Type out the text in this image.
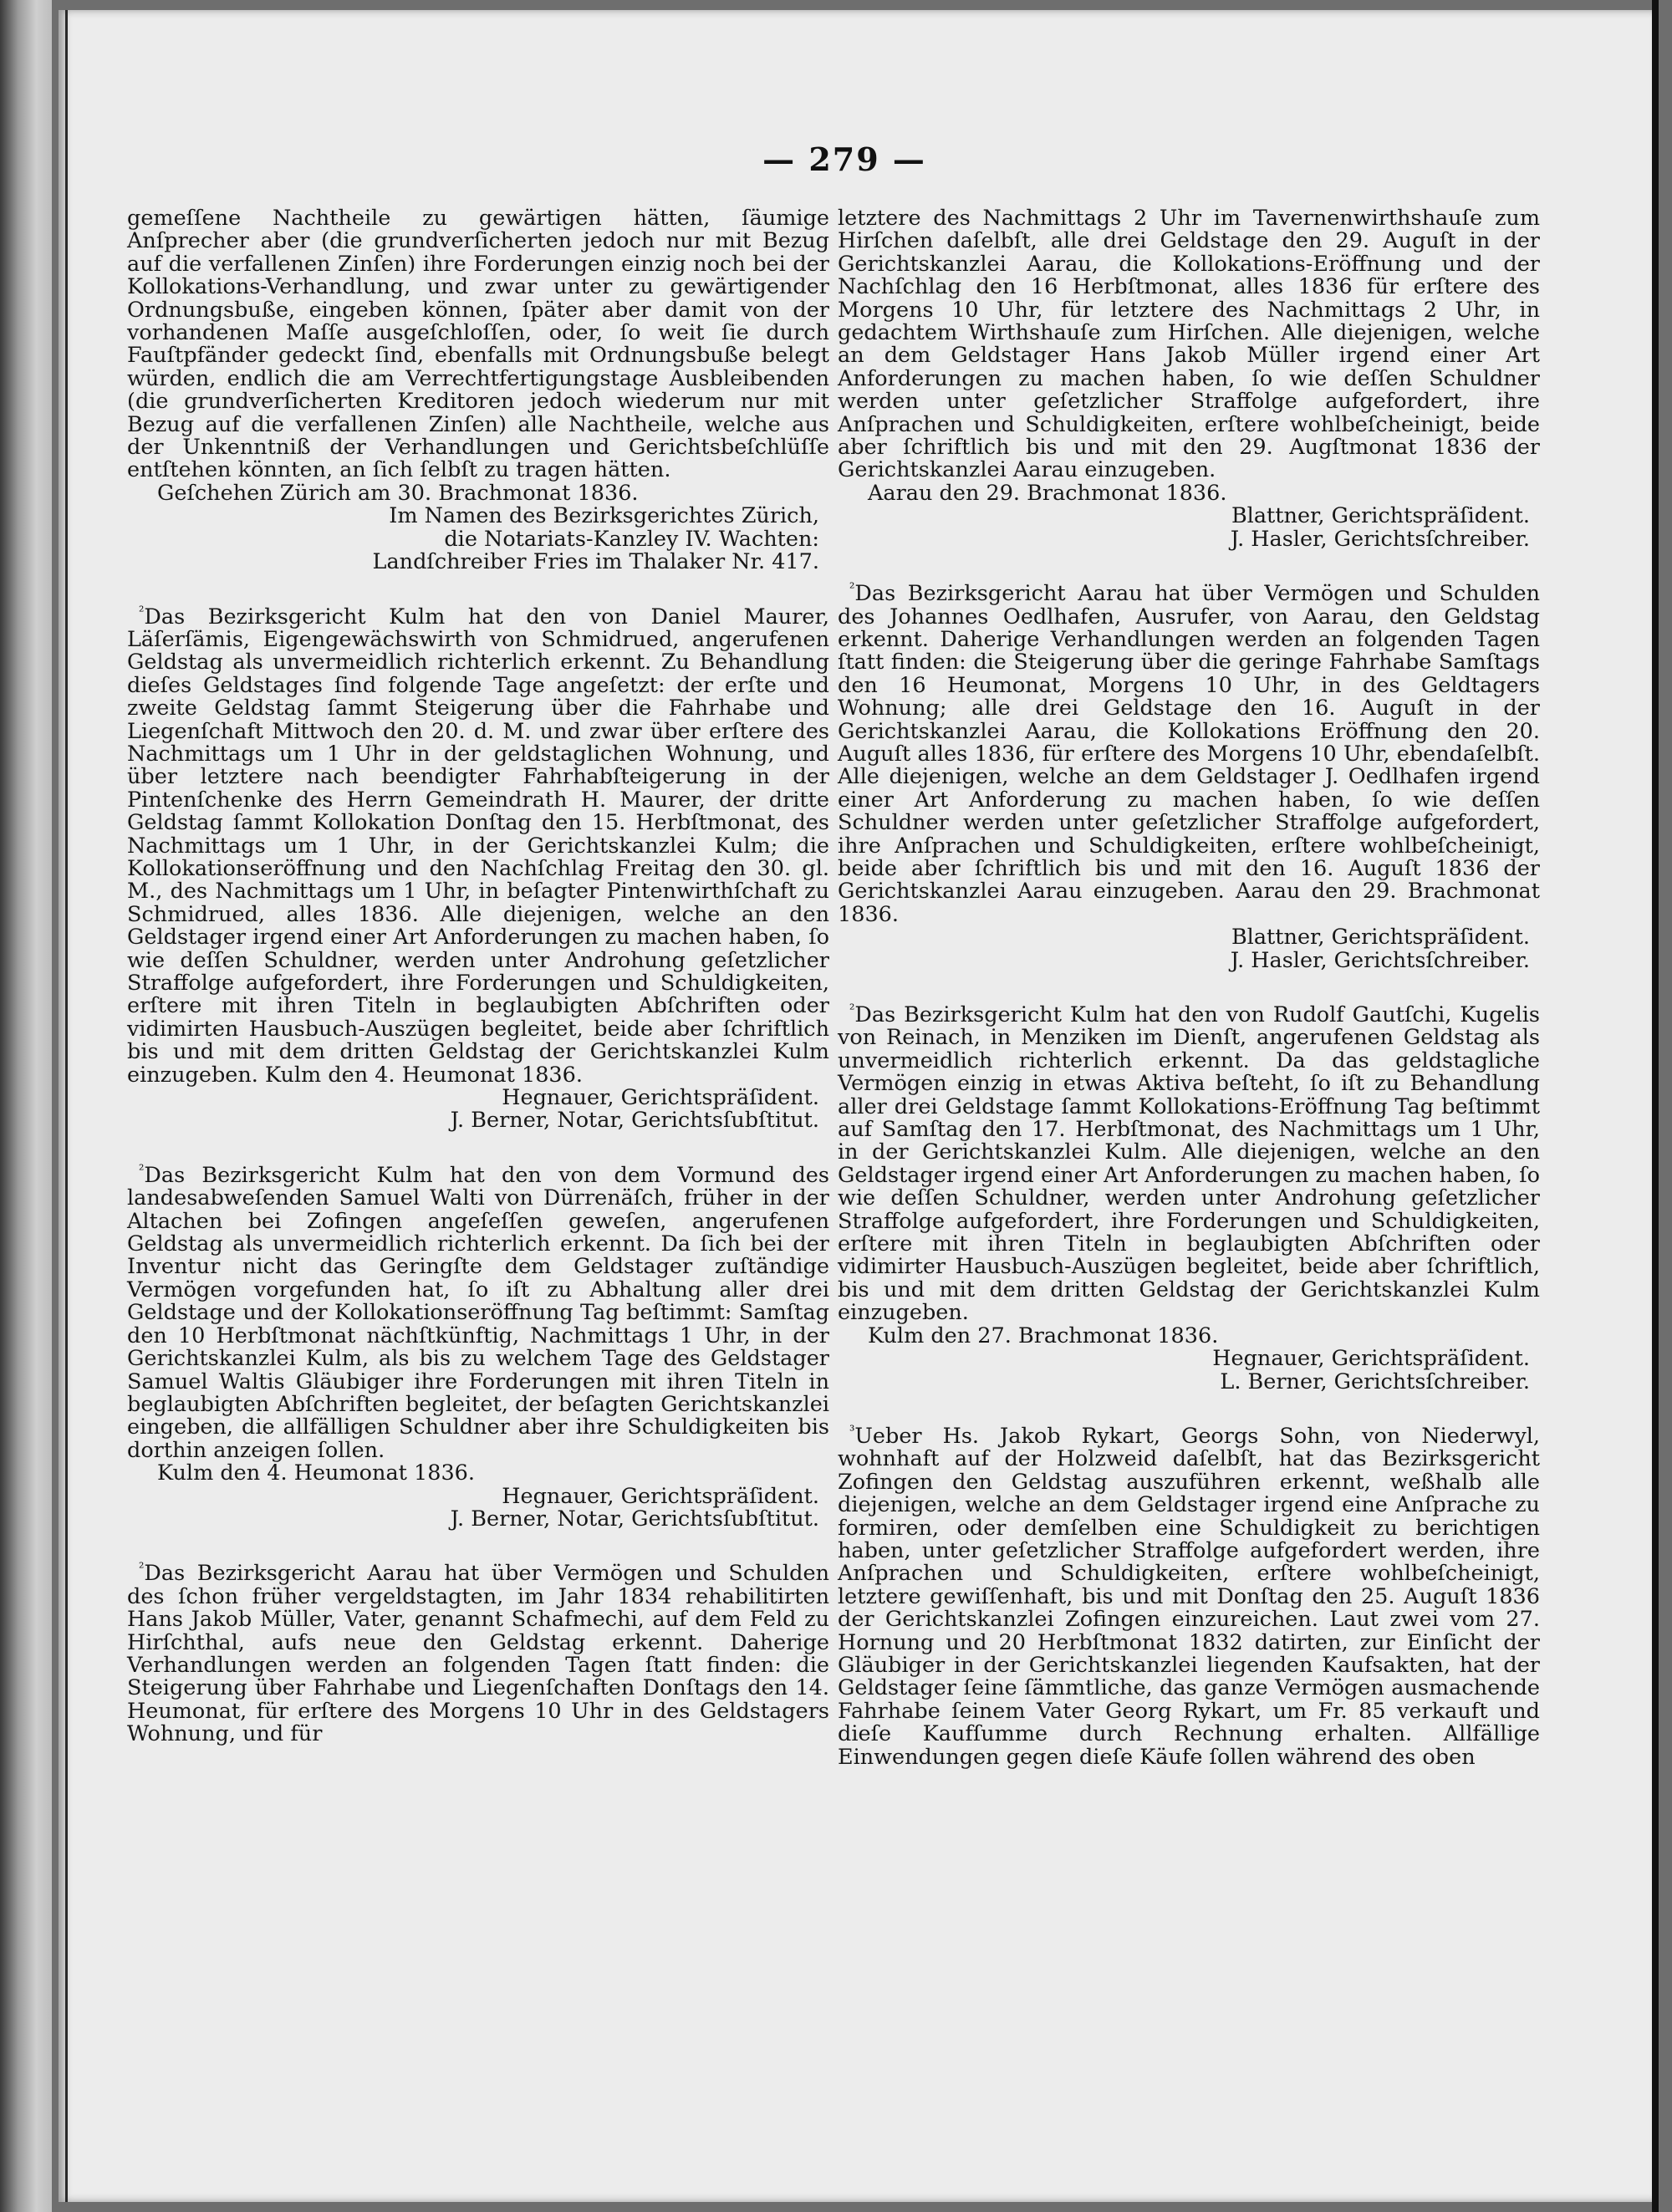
— 279 —

gemeſſene Nachtheile zu gewärtigen hätten, ſäumige Anſprecher aber (die grundverſicherten jedoch nur mit Bezug auf die verfallenen Zinſen) ihre Forderungen einzig noch bei der Kollokations-Verhandlung, und zwar unter zu gewärtigender Ordnungsbuße, eingeben können, ſpäter aber damit von der vorhandenen Maſſe ausgeſchloſſen, oder, ſo weit ſie durch Fauſtpfänder gedeckt ſind, ebenfalls mit Ordnungsbuße belegt würden, endlich die am Verrechtfertigungstage Ausbleibenden (die grundverſicherten Kreditoren jedoch wiederum nur mit Bezug auf die verfallenen Zinſen) alle Nachtheile, welche aus der Unkenntniß der Verhandlungen und Gerichtsbeſchlüſſe entſtehen könnten, an ſich ſelbſt zu tragen hätten.

Geſchehen Zürich am 30. Brachmonat 1836.

Im Namen des Bezirksgerichtes Zürich,

die Notariats-Kanzley IV. Wachten:

Landſchreiber Fries im Thalaker Nr. 417.

$^{^2}$Das Bezirksgericht Kulm hat den von Daniel Maurer, Läſerſämis, Eigengewächswirth von Schmidrued, angerufenen Geldstag als unvermeidlich richterlich erkennt. Zu Behandlung dieſes Geldstages ſind folgende Tage angeſetzt: der erſte und zweite Geldstag ſammt Steigerung über die Fahrhabe und Liegenſchaft Mittwoch den 20. d. M. und zwar über erſtere des Nachmittags um 1 Uhr in der geldstaglichen Wohnung, und über letztere nach beendigter Fahrhabſteigerung in der Pintenſchenke des Herrn Gemeindrath H. Maurer, der dritte Geldstag ſammt Kollokation Donſtag den 15. Herbſtmonat, des Nachmittags um 1 Uhr, in der Gerichtskanzlei Kulm; die Kollokationseröffnung und den Nachſchlag Freitag den 30. gl. M., des Nachmittags um 1 Uhr, in beſagter Pintenwirthſchaft zu Schmidrued, alles 1836. Alle diejenigen, welche an den Geldstager irgend einer Art Anforderungen zu machen haben, ſo wie deſſen Schuldner, werden unter Androhung geſetzlicher Straffolge aufgefordert, ihre Forderungen und Schuldigkeiten, erſtere mit ihren Titeln in beglaubigten Abſchriften oder vidimirten Hausbuch-Auszügen begleitet, beide aber ſchriftlich bis und mit dem dritten Geldstag der Gerichtskanzlei Kulm einzugeben. Kulm den 4. Heumonat 1836.

Hegnauer, Gerichtspräſident.

J. Berner, Notar, Gerichtsſubſtitut.

$^{^2}$Das Bezirksgericht Kulm hat den von dem Vormund des landesabweſenden Samuel Walti von Dürrenäſch, früher in der Altachen bei Zofingen angeſeſſen geweſen, angerufenen Geldstag als unvermeidlich richterlich erkennt. Da ſich bei der Inventur nicht das Geringſte dem Geldstager zuſtändige Vermögen vorgefunden hat, ſo iſt zu Abhaltung aller drei Geldstage und der Kollokationseröffnung Tag beſtimmt: Samſtag den 10 Herbſtmonat nächſtkünftig, Nachmittags 1 Uhr, in der Gerichtskanzlei Kulm, als bis zu welchem Tage des Geldstager Samuel Waltis Gläubiger ihre Forderungen mit ihren Titeln in beglaubigten Abſchriften begleitet, der beſagten Gerichtskanzlei eingeben, die allfälligen Schuldner aber ihre Schuldigkeiten bis dorthin anzeigen ſollen.

Kulm den 4. Heumonat 1836.

Hegnauer, Gerichtspräſident.

J. Berner, Notar, Gerichtsſubſtitut.

$^{^2}$Das Bezirksgericht Aarau hat über Vermögen und Schulden des ſchon früher vergeldstagten, im Jahr 1834 rehabilitirten Hans Jakob Müller, Vater, genannt Schafmechi, auf dem Feld zu Hirſchthal, aufs neue den Geldstag erkennt. Daherige Verhandlungen werden an folgenden Tagen ſtatt finden: die Steigerung über Fahrhabe und Liegenſchaften Donſtags den 14. Heumonat, für erſtere des Morgens 10 Uhr in des Geldstagers Wohnung, und für

letztere des Nachmittags 2 Uhr im Tavernenwirthshauſe zum Hirſchen daſelbſt, alle drei Geldstage den 29. Auguſt in der Gerichtskanzlei Aarau, die Kollokations-Eröffnung und der Nachſchlag den 16 Herbſtmonat, alles 1836 für erſtere des Morgens 10 Uhr, für letztere des Nachmittags 2 Uhr, in gedachtem Wirthshauſe zum Hirſchen. Alle diejenigen, welche an dem Geldstager Hans Jakob Müller irgend einer Art Anforderungen zu machen haben, ſo wie deſſen Schuldner werden unter geſetzlicher Straffolge aufgefordert, ihre Anſprachen und Schuldigkeiten, erſtere wohlbeſcheinigt, beide aber ſchriftlich bis und mit den 29. Augſtmonat 1836 der Gerichtskanzlei Aarau einzugeben.

Aarau den 29. Brachmonat 1836.

Blattner, Gerichtspräſident.

J. Hasler, Gerichtsſchreiber.

$^{^2}$Das Bezirksgericht Aarau hat über Vermögen und Schulden des Johannes Oedlhafen, Ausrufer, von Aarau, den Geldstag erkennt. Daherige Verhandlungen werden an folgenden Tagen ſtatt finden: die Steigerung über die geringe Fahrhabe Samſtags den 16 Heumonat, Morgens 10 Uhr, in des Geldtagers Wohnung; alle drei Geldstage den 16. Auguſt in der Gerichtskanzlei Aarau, die Kollokations Eröffnung den 20. Auguſt alles 1836, für erſtere des Morgens 10 Uhr, ebendaſelbſt. Alle diejenigen, welche an dem Geldstager J. Oedlhafen irgend einer Art Anforderung zu machen haben, ſo wie deſſen Schuldner werden unter geſetzlicher Straffolge aufgefordert, ihre Anſprachen und Schuldigkeiten, erſtere wohlbeſcheinigt, beide aber ſchriftlich bis und mit den 16. Auguſt 1836 der Gerichtskanzlei Aarau einzugeben. Aarau den 29. Brachmonat 1836.

Blattner, Gerichtspräſident.

J. Hasler, Gerichtsſchreiber.

$^{^2}$Das Bezirksgericht Kulm hat den von Rudolf Gautſchi, Kugelis von Reinach, in Menziken im Dienſt, angerufenen Geldstag als unvermeidlich richterlich erkennt. Da das geldstagliche Vermögen einzig in etwas Aktiva beſteht, ſo iſt zu Behandlung aller drei Geldstage ſammt Kollokations-Eröffnung Tag beſtimmt auf Samſtag den 17. Herbſtmonat, des Nachmittags um 1 Uhr, in der Gerichtskanzlei Kulm. Alle diejenigen, welche an den Geldstager irgend einer Art Anforderungen zu machen haben, ſo wie deſſen Schuldner, werden unter Androhung geſetzlicher Straffolge aufgefordert, ihre Forderungen und Schuldigkeiten, erſtere mit ihren Titeln in beglaubigten Abſchriften oder vidimirter Hausbuch-Auszügen begleitet, beide aber ſchriftlich, bis und mit dem dritten Geldstag der Gerichtskanzlei Kulm einzugeben.

Kulm den 27. Brachmonat 1836.

Hegnauer, Gerichtspräſident.

L. Berner, Gerichtsſchreiber.

$^{^3}$Ueber Hs. Jakob Rykart, Georgs Sohn, von Niederwyl, wohnhaft auf der Holzweid daſelbſt, hat das Bezirksgericht Zofingen den Geldstag auszuführen erkennt, weßhalb alle diejenigen, welche an dem Geldstager irgend eine Anſprache zu formiren, oder demſelben eine Schuldigkeit zu berichtigen haben, unter geſetzlicher Straffolge aufgefordert werden, ihre Anſprachen und Schuldigkeiten, erſtere wohlbeſcheinigt, letztere gewiſſenhaft, bis und mit Donſtag den 25. Auguſt 1836 der Gerichtskanzlei Zofingen einzureichen. Laut zwei vom 27. Hornung und 20 Herbſtmonat 1832 datirten, zur Einſicht der Gläubiger in der Gerichtskanzlei liegenden Kaufsakten, hat der Geldstager ſeine ſämmtliche, das ganze Vermögen ausmachende Fahrhabe ſeinem Vater Georg Rykart, um Fr. 85 verkauft und dieſe Kaufſumme durch Rechnung erhalten. Allfällige Einwendungen gegen dieſe Käufe ſollen während des oben
